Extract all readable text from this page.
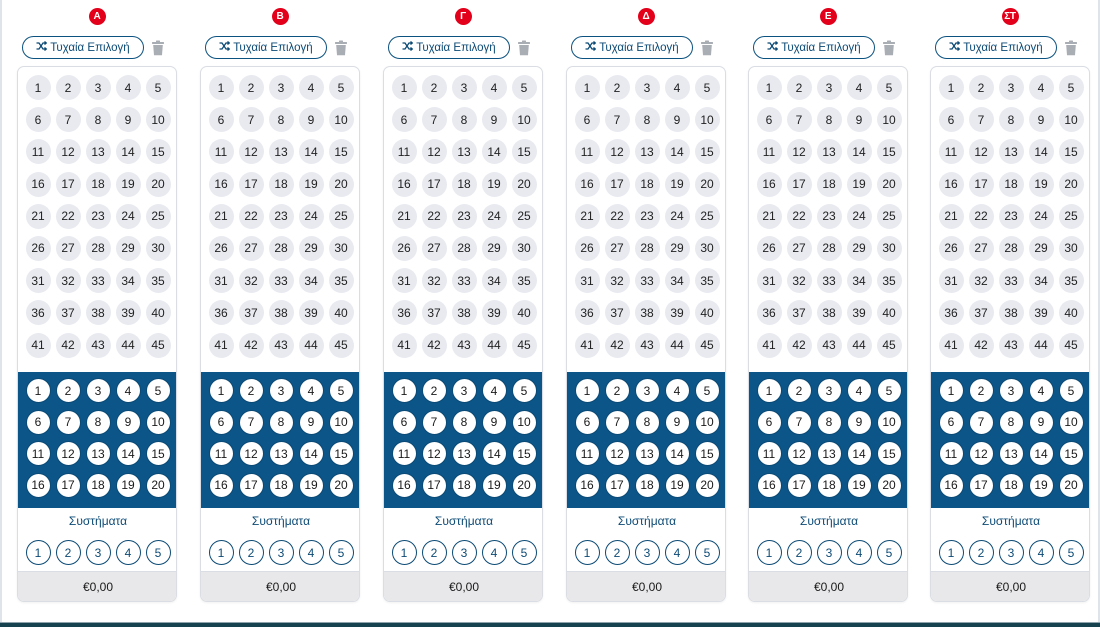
Α
Τυχαία Επιλογή
1	2	3	4	5
6	7	8	9	10
11	12	13	14	15
16	17	18	19	20
21	22	23	24	25
26	27	28	29	30
31	32	33	34	35
36	37	38	39	40
41	42	43	44	45
1	2	3	4	5
6	7	8	9	10
11	12	13	14	15
16	17	18	19	20
Συστήματα
1	2	3	4	5
€0,00
Β
Τυχαία Επιλογή
1	2	3	4	5
6	7	8	9	10
11	12	13	14	15
16	17	18	19	20
21	22	23	24	25
26	27	28	29	30
31	32	33	34	35
36	37	38	39	40
41	42	43	44	45
1	2	3	4	5
6	7	8	9	10
11	12	13	14	15
16	17	18	19	20
Συστήματα
1	2	3	4	5
€0,00
Γ
Τυχαία Επιλογή
1	2	3	4	5
6	7	8	9	10
11	12	13	14	15
16	17	18	19	20
21	22	23	24	25
26	27	28	29	30
31	32	33	34	35
36	37	38	39	40
41	42	43	44	45
1	2	3	4	5
6	7	8	9	10
11	12	13	14	15
16	17	18	19	20
Συστήματα
1	2	3	4	5
€0,00
Δ
Τυχαία Επιλογή
1	2	3	4	5
6	7	8	9	10
11	12	13	14	15
16	17	18	19	20
21	22	23	24	25
26	27	28	29	30
31	32	33	34	35
36	37	38	39	40
41	42	43	44	45
1	2	3	4	5
6	7	8	9	10
11	12	13	14	15
16	17	18	19	20
Συστήματα
1	2	3	4	5
€0,00
Ε
Τυχαία Επιλογή
1	2	3	4	5
6	7	8	9	10
11	12	13	14	15
16	17	18	19	20
21	22	23	24	25
26	27	28	29	30
31	32	33	34	35
36	37	38	39	40
41	42	43	44	45
1	2	3	4	5
6	7	8	9	10
11	12	13	14	15
16	17	18	19	20
Συστήματα
1	2	3	4	5
€0,00
ΣΤ
Τυχαία Επιλογή
1	2	3	4	5
6	7	8	9	10
11	12	13	14	15
16	17	18	19	20
21	22	23	24	25
26	27	28	29	30
31	32	33	34	35
36	37	38	39	40
41	42	43	44	45
1	2	3	4	5
6	7	8	9	10
11	12	13	14	15
16	17	18	19	20
Συστήματα
1	2	3	4	5
€0,00
